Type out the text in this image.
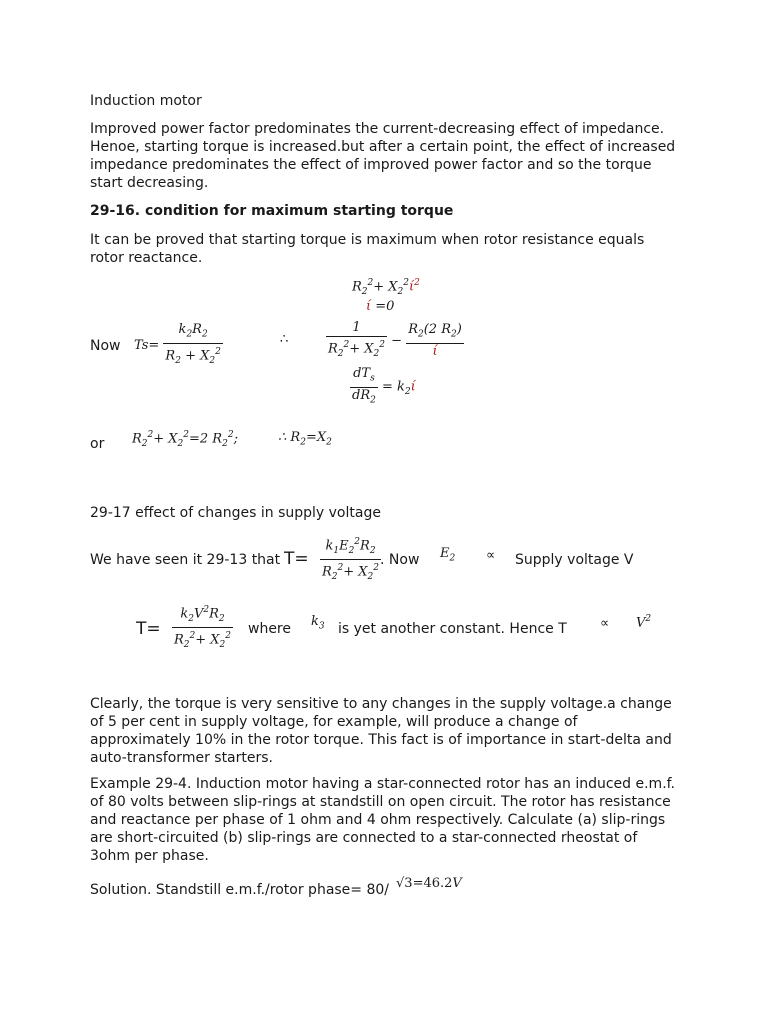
Induction motor

Improved power factor predominates the current-decreasing effect of impedance. Henoe, starting torque is increased.but after a certain point, the effect of increased impedance predominates the effect of improved power factor and so the torque start decreasing.

29-16. condition for maximum starting torque

It can be proved that starting torque is maximum when rotor resistance equals rotor reactance.

$R_2^2+ X_2^2ί^2$
ί =0
Now $Ts= \frac{k_2R_2}{R_2 + X_2^2}$	∴	$\frac{1}{R_2^2+ X_2^2} - \frac{R_2(2 R_2)}{ί}$
$\frac{dT_s}{dR_2} = k_2ί$
or $R_2^2+ X_2^2=2$ $R_2^2$;	∴ $R_2=X_2$

29-17 effect of changes in supply voltage

We have seen it 29-13 that $T= \frac{k_1E_2^2R_2}{R_2^2+ X_2^2}$
. Now $E_2$ ∝ Supply voltage V
$T= \frac{k_2V^2R_2}{R_2^2+ X_2^2}$ where $k_3$ is yet another constant. Hence T	∝ $V^2$

Clearly, the torque is very sensitive to any changes in the supply voltage.a change of 5 per cent in supply voltage, for example, will produce a change of approximately 10% in the rotor torque. This fact is of importance in start-delta and auto-transformer starters.

Example 29-4. Induction motor having a star-connected rotor has an induced e.m.f. of 80 volts between slip-rings at standstill on open circuit. The rotor has resistance and reactance per phase of 1 ohm and 4 ohm respectively. Calculate (a) slip-rings are short-circuited (b) slip-rings are connected to a star-connected rheostat of 3ohm per phase.

Solution. Standstill e.m.f./rotor phase= 80/ √3=46.2V
